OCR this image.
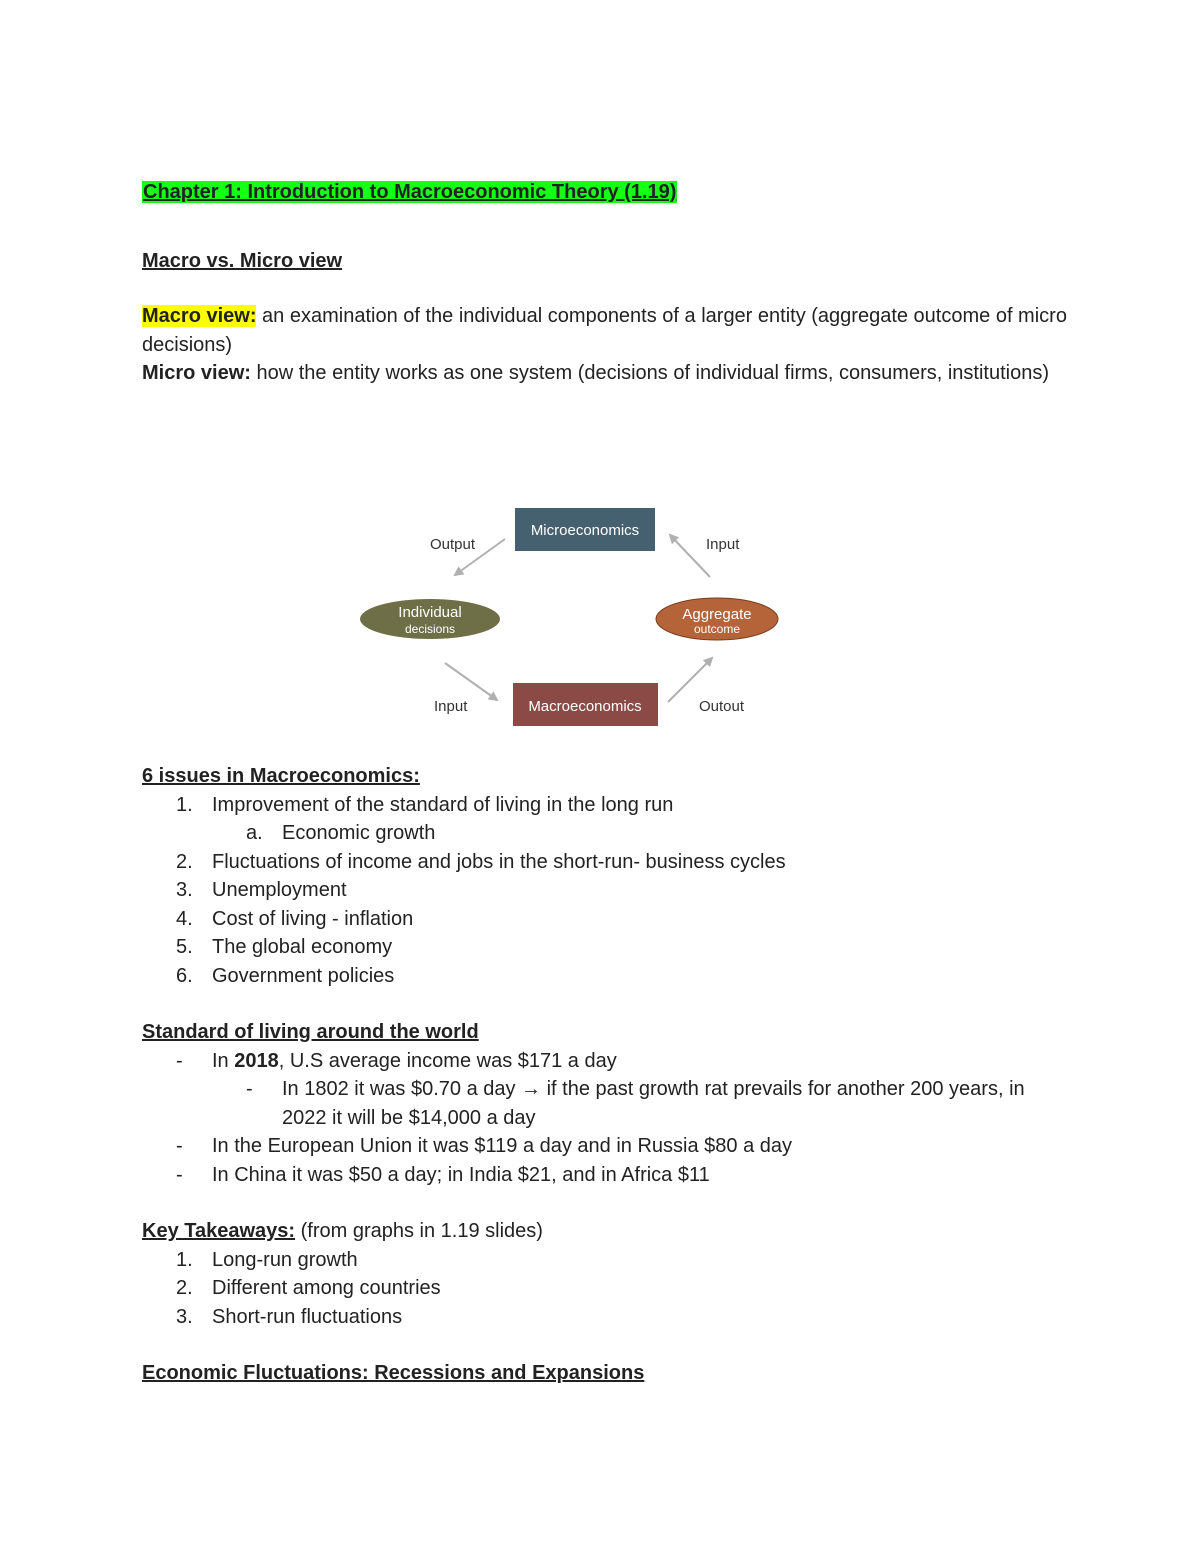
Chapter 1: Introduction to Macroeconomic Theory (1.19)

Macro vs. Micro view

Macro view: an examination of the individual components of a larger entity (aggregate outcome of micro decisions)

Micro view: how the entity works as one system (decisions of individual firms, consumers, institutions)

Microeconomics
Macroeconomics
Individual
decisions
Aggregate
outcome
Output	Input
Input	Outout

6 issues in Macroeconomics:

1. Improvement of the standard of living in the long run
a. Economic growth
2. Fluctuations of income and jobs in the short-run- business cycles
3. Unemployment
4. Cost of living - inflation
5. The global economy
6. Government policies

Standard of living around the world

- In 2018, U.S average income was $171 a day
- In 1802 it was $0.70 a day → if the past growth rat prevails for another 200 years, in 2022 it will be $14,000 a day
- In the European Union it was $119 a day and in Russia $80 a day
- In China it was $50 a day; in India $21, and in Africa $11

Key Takeaways: (from graphs in 1.19 slides)

1. Long-run growth
2. Different among countries
3. Short-run fluctuations

Economic Fluctuations: Recessions and Expansions
